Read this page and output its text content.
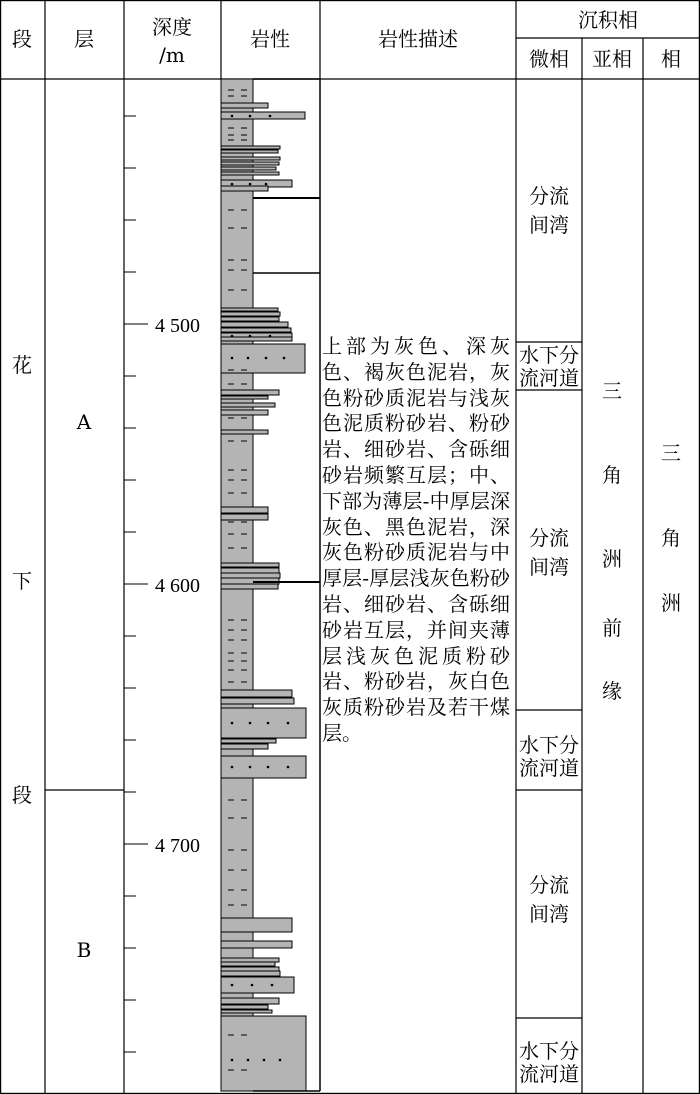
段 层	深度
/m
岩性	岩性描述
沉积相
微相 亚相 相
花
下
段
A
B
4 500
4 600
4 700
分流
间湾
水下分
流河道
分流
间湾
水下分
流河道
分流
间湾
水下分
流河道
三
角
洲
前
缘
三
角
洲
上部为灰色、深灰色、褐灰色泥岩，灰色粉砂质泥岩与浅灰色泥质粉砂岩、粉砂岩、细砂岩、含砾细砂岩频繁互层；中、下部为薄层-中厚层深灰色、黑色泥岩，深灰色粉砂质泥岩与中厚层-厚层浅灰色粉砂岩、细砂岩、含砾细砂岩互层，并间夹薄层浅灰色泥质粉砂岩、粉砂岩，灰白色灰质粉砂岩及若干煤层。
